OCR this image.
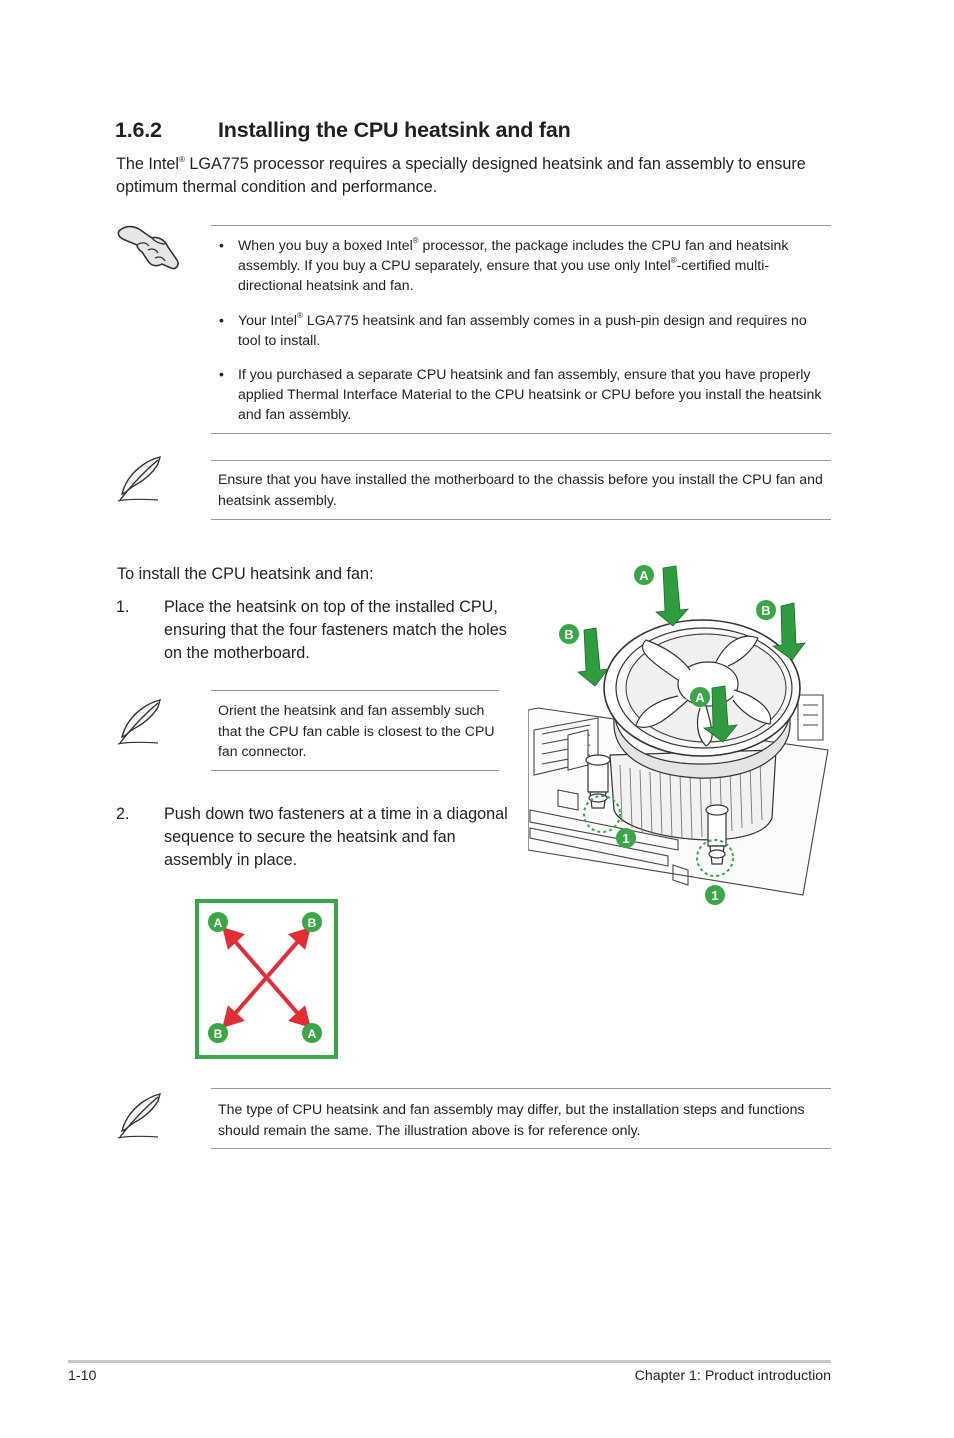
1.6.2	Installing the CPU heatsink and fan

The Intel® LGA775 processor requires a specially designed heatsink and fan assembly to ensure optimum thermal condition and performance.

• When you buy a boxed Intel® processor, the package includes the CPU fan and heatsink assembly. If you buy a CPU separately, ensure that you use only Intel®-certified multi-directional heatsink and fan.
• Your Intel® LGA775 heatsink and fan assembly comes in a push-pin design and requires no tool to install.
• If you purchased a separate CPU heatsink and fan assembly, ensure that you have properly applied Thermal Interface Material to the CPU heatsink or CPU before you install the heatsink and fan assembly.
Ensure that you have installed the motherboard to the chassis before you install the CPU fan and heatsink assembly.
To install the CPU heatsink and fan:
1. Place the heatsink on top of the installed CPU, ensuring that the four fasteners match the holes on the motherboard.
Orient the heatsink and fan assembly such that the CPU fan cable is closest to the CPU fan connector.
2. Push down two fasteners at a time in a diagonal sequence to secure the heatsink and fan assembly in place.
A
B
B
A
1
1
A	B
B	A
The type of CPU heatsink and fan assembly may differ, but the installation steps and functions should remain the same. The illustration above is for reference only.
1-10	Chapter 1: Product introduction
